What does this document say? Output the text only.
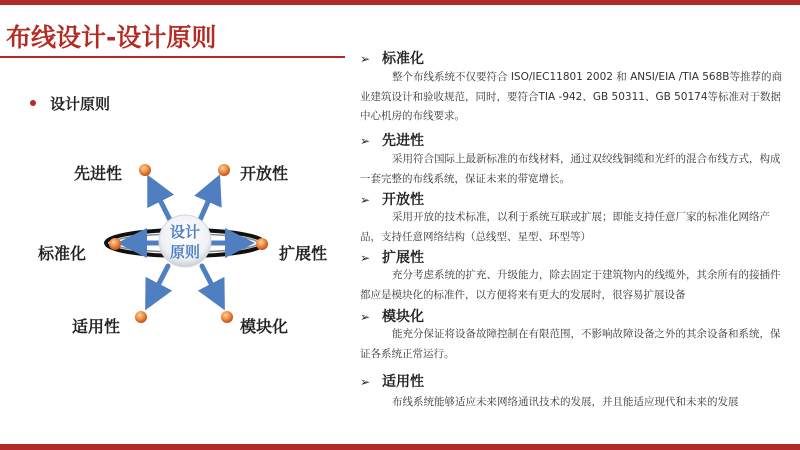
布线设计-设计原则
设计原则
设计
原则
先进性	开放性
标准化	扩展性
适用性	模块化
➢ 标准化
整个布线系统不仅要符合 ISO/IEC11801 2002 和 ANSI/EIA /TIA 568B等推荐的商业建筑设计和验收规范，同时，要符合TIA -942、GB 50311、GB 50174等标准对于数据中心机房的布线要求。
➢ 先进性
采用符合国际上最新标准的布线材料，通过双绞线铜缆和光纤的混合布线方式，构成一套完整的布线系统，保证未来的带宽增长。
➢ 开放性
采用开放的技术标准，以利于系统互联或扩展；即能支持任意厂家的标准化网络产品，支持任意网络结构（总线型、星型、环型等）
➢ 扩展性
充分考虑系统的扩充、升级能力，除去固定于建筑物内的线缆外，其余所有的接插件都应是模块化的标准件，以方便将来有更大的发展时，很容易扩展设备
➢ 模块化
能充分保证将设备故障控制在有限范围，不影响故障设备之外的其余设备和系统，保证各系统正常运行。
➢ 适用性
布线系统能够适应未来网络通讯技术的发展，并且能适应现代和未来的发展
